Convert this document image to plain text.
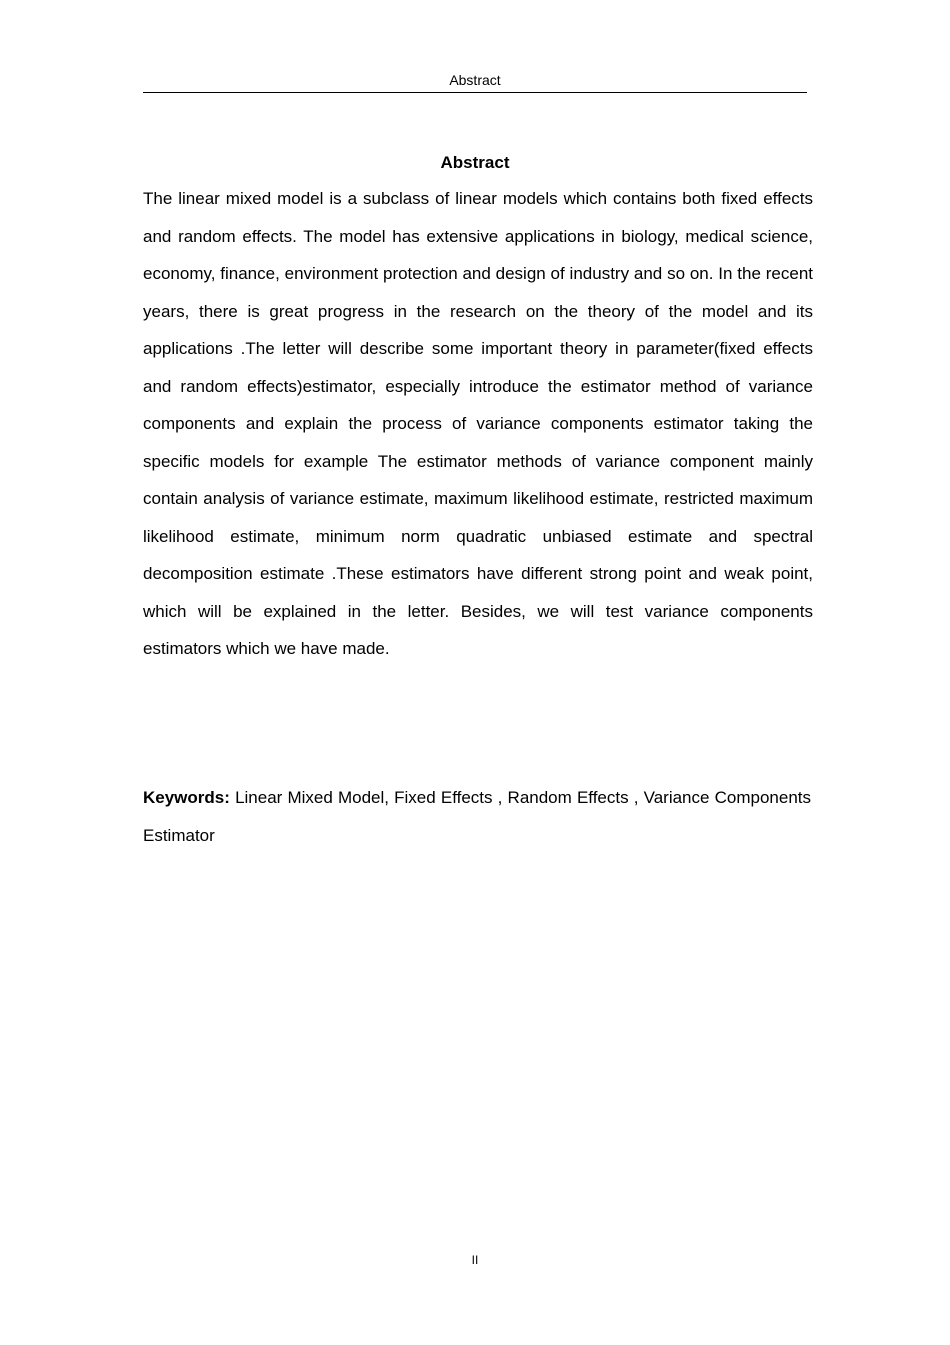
Abstract
Abstract

The linear mixed model is a subclass of linear models which contains both fixed effects and random effects. The model has extensive applications in biology, medical science, economy, finance, environment protection and design of industry and so on. In the recent years, there is great progress in the research on the theory of the model and its applications .The letter will describe some important theory in parameter(fixed effects and random effects)estimator, especially introduce the estimator method of variance components and explain the process of variance components estimator taking the specific models for example The estimator methods of variance component mainly contain analysis of variance estimate, maximum likelihood estimate, restricted maximum likelihood estimate, minimum norm quadratic unbiased estimate and spectral decomposition estimate .These estimators have different strong point and weak point, which will be explained in the letter. Besides, we will test variance components estimators which we have made.

Keywords: Linear Mixed Model, Fixed Effects , Random Effects , Variance Components Estimator

II
